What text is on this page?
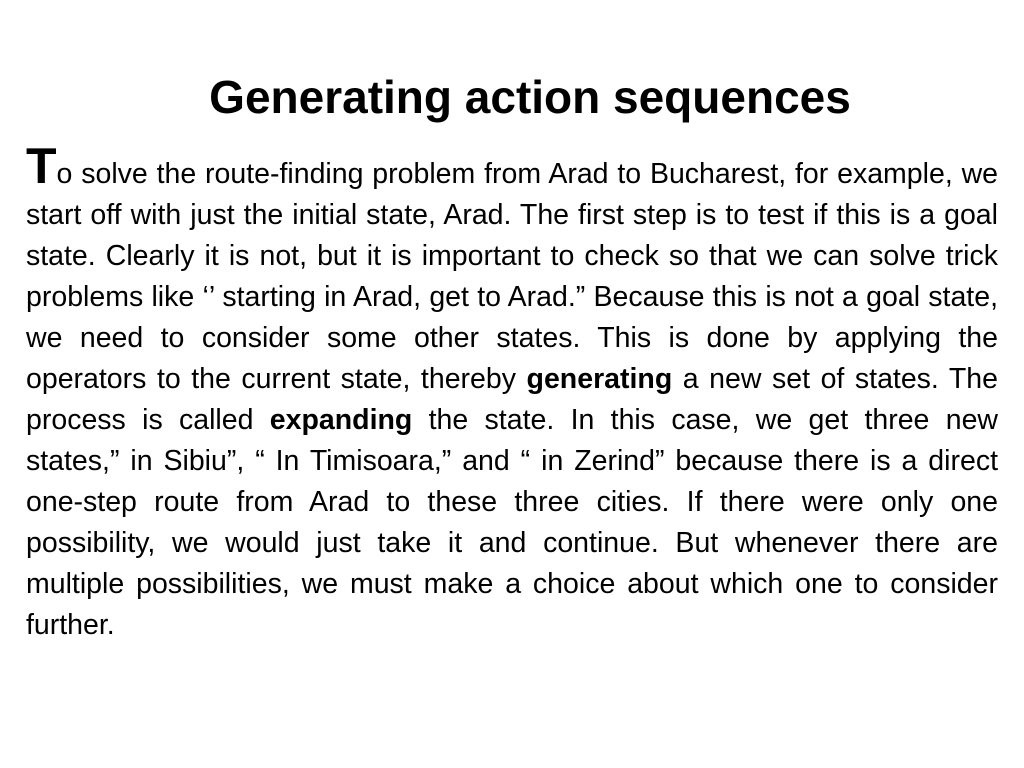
Generating action sequences

To solve the route-finding problem from Arad to Bucharest, for example, we start off with just the initial state, Arad. The first step is to test if this is a goal state. Clearly it is not, but it is important to check so that we can solve trick problems like ‘’ starting in Arad, get to Arad.” Because this is not a goal state, we need to consider some other states. This is done by applying the operators to the current state, thereby generating a new set of states. The process is called expanding the state. In this case, we get three new states,” in Sibiu”, “ In Timisoara,” and “ in Zerind” because there is a direct one-step route from Arad to these three cities. If there were only one possibility, we would just take it and continue. But whenever there are multiple possibilities, we must make a choice about which one to consider further.
